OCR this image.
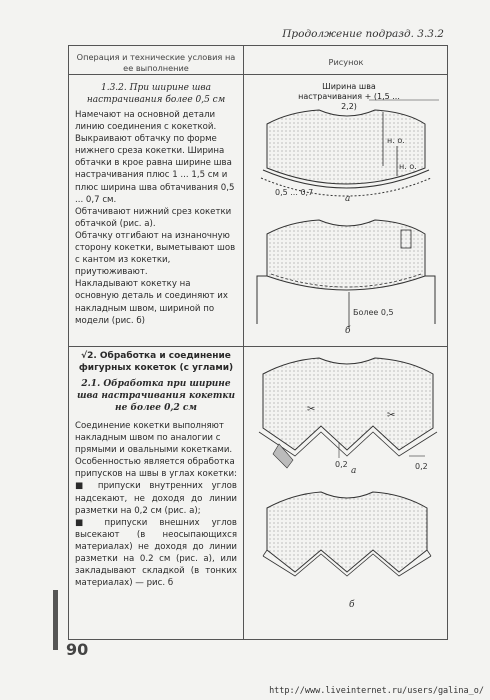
Продолжение подразд. 3.3.2
Операция и технические условия на ее выполнение
Рисунок
1.3.2. При ширине шва настрачивания более 0,5 см

Намечают на основной детали линию соединения с кокеткой. Выкраивают обтачку по форме нижнего среза кокетки. Ширина обтачки в крое равна ширине шва настрачивания плюс 1 ... 1,5 см и плюс ширина шва обтачивания 0,5 ... 0,7 см.

Обтачивают нижний срез кокетки обтачкой (рис. а).

Обтачку отгибают на изнаночную сторону кокетки, выметывают шов с кантом из кокетки, приутюживают.

Накладывают кокетку на основную деталь и соединяют их накладным швом, шириной по модели (рис. б)

√2. Обработка и соединение фигурных кокеток (с углами)
2.1. Обработка при ширине шва настрачивания кокетки не более 0,2 см

Соединение кокетки выполняют накладным швом по аналогии с прямыми и овальными кокетками. Особенностью является обработка припусков на швы в углах кокетки:

■ припуски внутренних углов надсекают, не доходя до линии разметки на 0,2 см (рис. а);

■ припуски внешних углов высекают (в неосыпающихся материалах) не доходя до линии разметки на 0.2 см (рис. а), или закладывают складкой (в тонких материалах) — рис. б

Ширина шва настрачивания + (1,5 ... 2,2)
н. о.
н. о.
0,5 ... 0,7
а
Более 0,5
б
✂
✂
0,2	0,2
а
б
90
http://www.liveinternet.ru/users/galina_o/
